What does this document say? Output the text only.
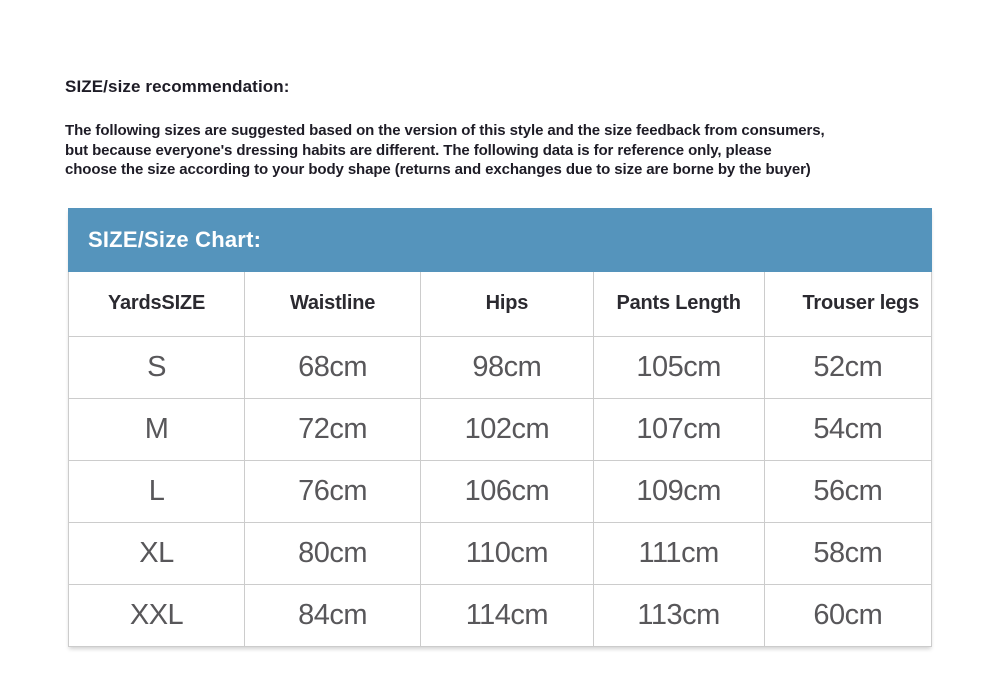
SIZE/size recommendation:
The following sizes are suggested based on the version of this style and the size feedback from consumers,
but because everyone's dressing habits are different. The following data is for reference only, please
choose the size according to your body shape (returns and exchanges due to size are borne by the buyer)
SIZE/Size Chart:
YardsSIZE	Waistline	Hips	Pants Length	Trouser legs
S	68cm	98cm	105cm	52cm
M	72cm	102cm	107cm	54cm
L	76cm	106cm	109cm	56cm
XL	80cm	110cm	111cm	58cm
XXL	84cm	114cm	113cm	60cm
